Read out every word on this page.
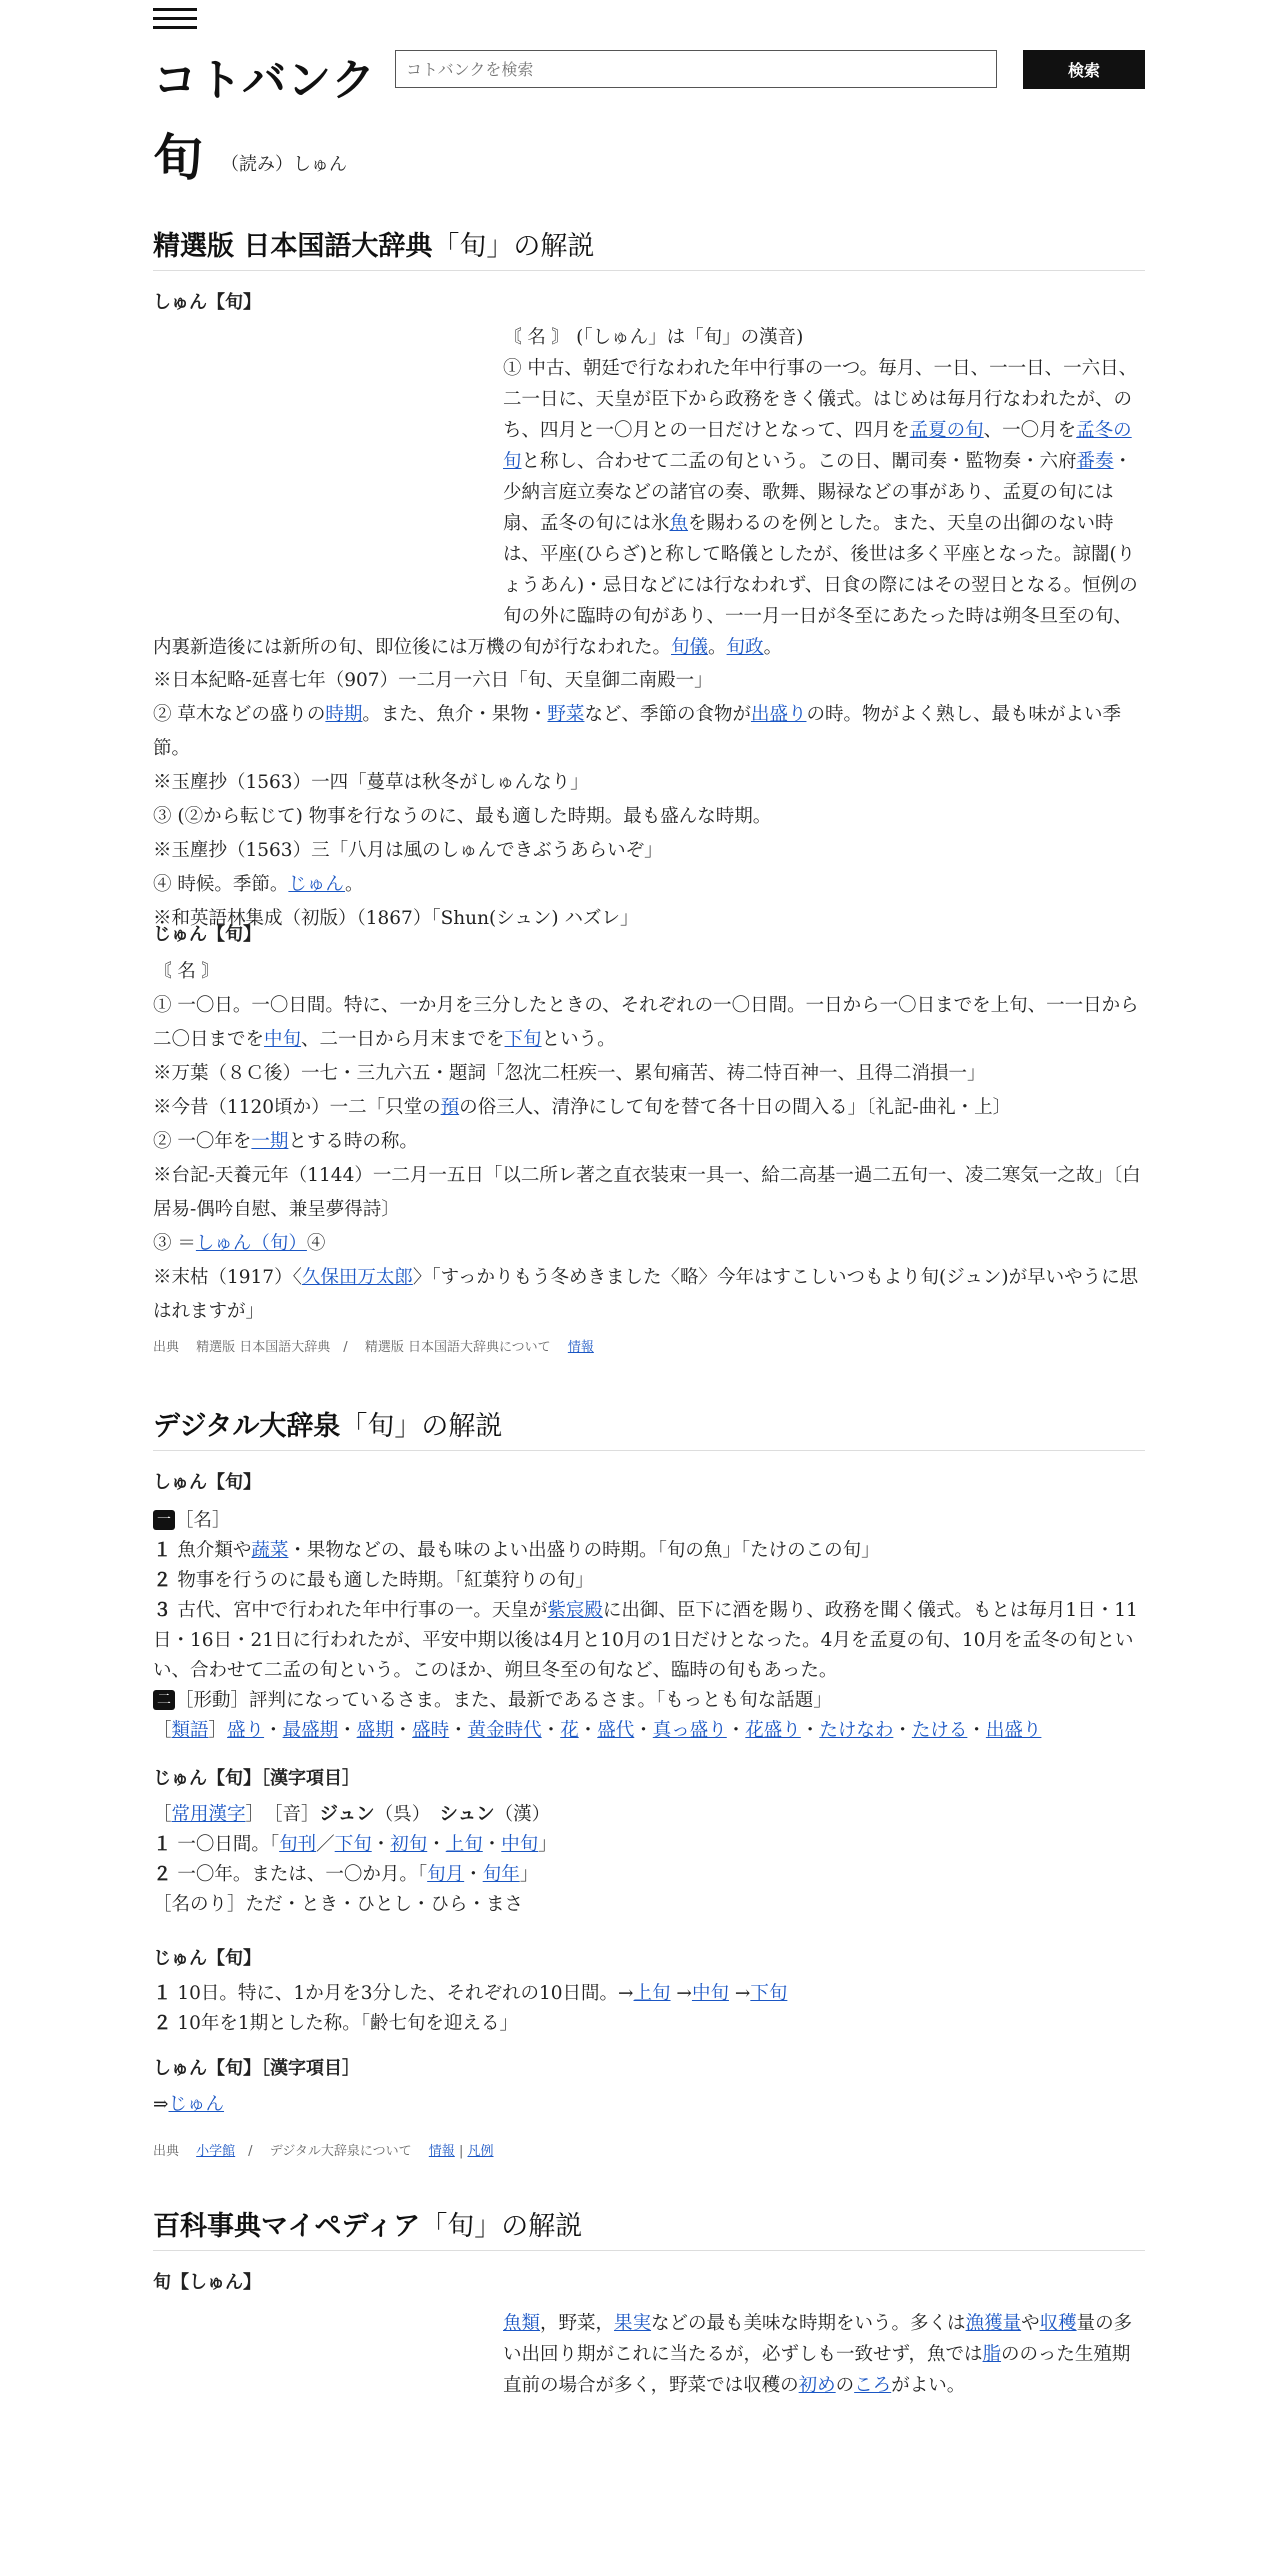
コトバンク
コトバンクを検索	検索
旬 （読み）しゅん
精選版 日本国語大辞典「旬」の解説
しゅん【旬】

〘 名 〙 (「しゅん」は「旬」の漢音)

① 中古、朝廷で行なわれた年中行事の一つ。毎月、一日、一一日、一六日、二一日に、天皇が臣下から政務をきく儀式。はじめは毎月行なわれたが、のち、四月と一〇月との一日だけとなって、四月を孟夏の旬、一〇月を孟冬の旬と称し、合わせて二孟の旬という。この日、闈司奏・監物奏・六府番奏・少納言庭立奏などの諸官の奏、歌舞、賜禄などの事があり、孟夏の旬には扇、孟冬の旬には氷魚を賜わるのを例とした。また、天皇の出御のない時は、平座(ひらざ)と称して略儀としたが、後世は多く平座となった。諒闇(りょうあん)・忌日などには行なわれず、日食の際にはその翌日となる。恒例の旬の外に臨時の旬があり、一一月一日が冬至にあたった時は朔冬旦至の旬、内裏新造後には新所の旬、即位後には万機の旬が行なわれた。旬儀。旬政。

※日本紀略-延喜七年（907）一二月一六日「旬、天皇御二南殿一」

② 草木などの盛りの時期。また、魚介・果物・野菜など、季節の食物が出盛りの時。物がよく熟し、最も味がよい季節。

※玉塵抄（1563）一四「蔓草は秋冬がしゅんなり」

③ (②から転じて) 物事を行なうのに、最も適した時期。最も盛んな時期。

※玉塵抄（1563）三「八月は風のしゅんできぶうあらいぞ」

④ 時候。季節。じゅん。

※和英語林集成（初版）（1867）「Shun(シュン) ハズレ」

じゅん【旬】

〘 名 〙

① 一〇日。一〇日間。特に、一か月を三分したときの、それぞれの一〇日間。一日から一〇日までを上旬、一一日から二〇日までを中旬、二一日から月末までを下旬という。

※万葉（８Ｃ後）一七・三九六五・題詞「忽沈二枉疾一、累旬痛苦、祷二恃百神一、且得二消損一」

※今昔（1120頃か）一二「只堂の預の俗三人、清浄にして旬を替て各十日の間入る」〔礼記‐曲礼・上〕

② 一〇年を一期とする時の称。

※台記‐天養元年（1144）一二月一五日「以二所レ著之直衣装束一具一、給二高基一過二五旬一、凌二寒気一之故」〔白居易‐偶吟自慰、兼呈夢得詩〕

③ ＝しゅん（旬）④

※末枯（1917）〈久保田万太郎〉「すっかりもう冬めきました〈略〉今年はすこしいつもより旬(ジュン)が早いやうに思はれますが」

出典　 精選版 日本国語大辞典　/　 精選版 日本国語大辞典について　 情報
デジタル大辞泉「旬」の解説
しゅん【旬】

一 ［名］

１ 魚介類や蔬菜・果物などの、最も味のよい出盛りの時期。「旬の魚」「たけのこの旬」

２ 物事を行うのに最も適した時期。「紅葉狩りの旬」

３ 古代、宮中で行われた年中行事の一。天皇が紫宸殿に出御、臣下に酒を賜り、政務を聞く儀式。もとは毎月1日・11日・16日・21日に行われたが、平安中期以後は4月と10月の1日だけとなった。4月を孟夏の旬、10月を孟冬の旬といい、合わせて二孟の旬という。このほか、朔旦冬至の旬など、臨時の旬もあった。

二 ［形動］評判になっているさま。また、最新であるさま。「もっとも旬な話題」

［類語］盛り・最盛期・盛期・盛時・黄金時代・花・盛代・真っ盛り・花盛り・たけなわ・たける・出盛り

じゅん【旬】［漢字項目］

［常用漢字］　［音］ジュン（呉）　シュン（漢）

１ 一〇日間。「旬刊／下旬・初旬・上旬・中旬」

２ 一〇年。または、一〇か月。「旬月・旬年」

［名のり］ただ・とき・ひとし・ひら・まさ

じゅん【旬】

１ 10日。特に、1か月を3分した、それぞれの10日間。→上旬 →中旬 →下旬

２ 10年を1期とした称。「齢七旬を迎える」

しゅん【旬】［漢字項目］

⇒じゅん

出典　 小学館　/　 デジタル大辞泉について　 情報 | 凡例
百科事典マイペディア「旬」の解説
旬【しゅん】

魚類，野菜，果実などの最も美味な時期をいう。多くは漁獲量や収穫量の多い出回り期がこれに当たるが，必ずしも一致せず，魚では脂ののった生殖期直前の場合が多く，野菜では収穫の初めのころがよい。
